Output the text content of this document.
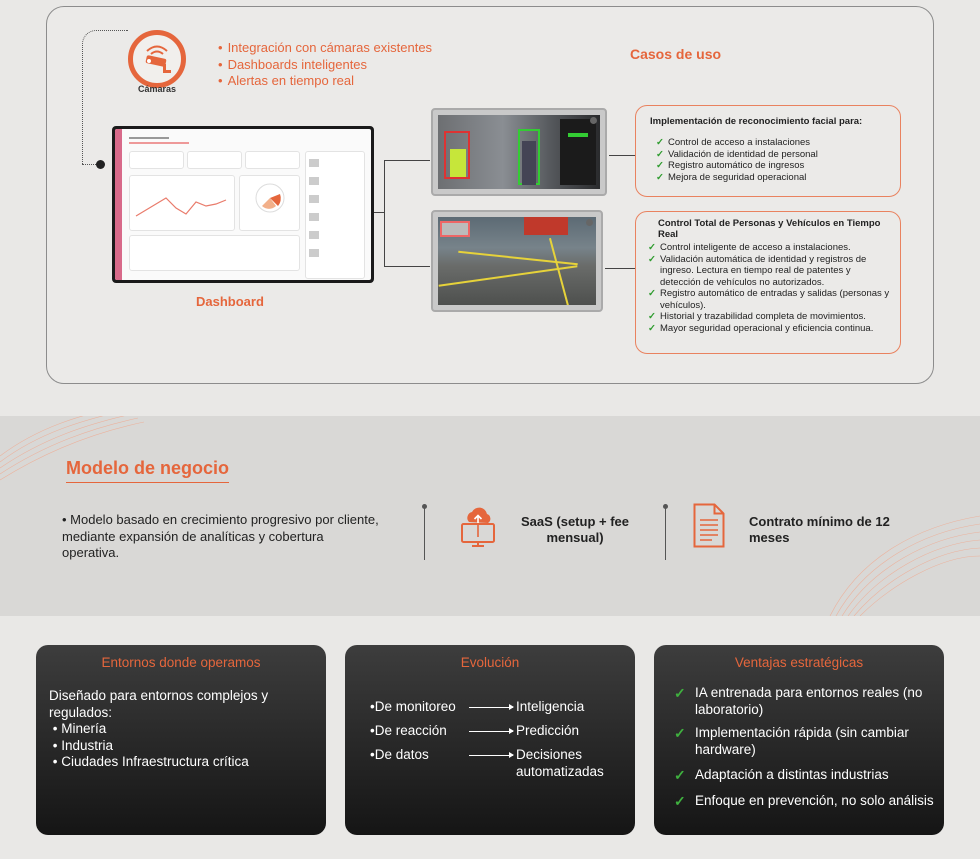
Cámaras
• Integración con cámaras existentes
• Dashboards inteligentes
• Alertas en tiempo real
Casos de uso
Dashboard
Implementación de reconocimiento facial para:
✓ Control de acceso a instalaciones
✓ Validación de identidad de personal
✓ Registro automático de ingresos
✓ Mejora de seguridad operacional
Control Total de Personas y Vehículos en Tiempo Real
✓ Control inteligente de acceso a instalaciones.
✓ Validación automática de identidad y registros de ingreso. Lectura en tiempo real de patentes y detección de vehículos no autorizados.
✓ Registro automático de entradas y salidas (personas y vehículos).
✓ Historial y trazabilidad completa de movimientos.
✓ Mayor seguridad operacional y eficiencia continua.
Modelo de negocio
• Modelo basado en crecimiento progresivo por cliente, mediante expansión de analíticas y cobertura operativa.
SaaS (setup + fee mensual)
Contrato mínimo de 12 meses
Entornos donde operamos
Diseñado para entornos complejos y regulados:
• Minería
• Industria
• Ciudades Infraestructura crítica
Evolución
•De monitoreo	Inteligencia
•De reacción	Predicción
•De datos	Decisiones automatizadas
Ventajas estratégicas
✓ IA entrenada para entornos reales (no laboratorio)
✓ Implementación rápida (sin cambiar hardware)
✓ Adaptación a distintas industrias
✓ Enfoque en prevención, no solo análisis
